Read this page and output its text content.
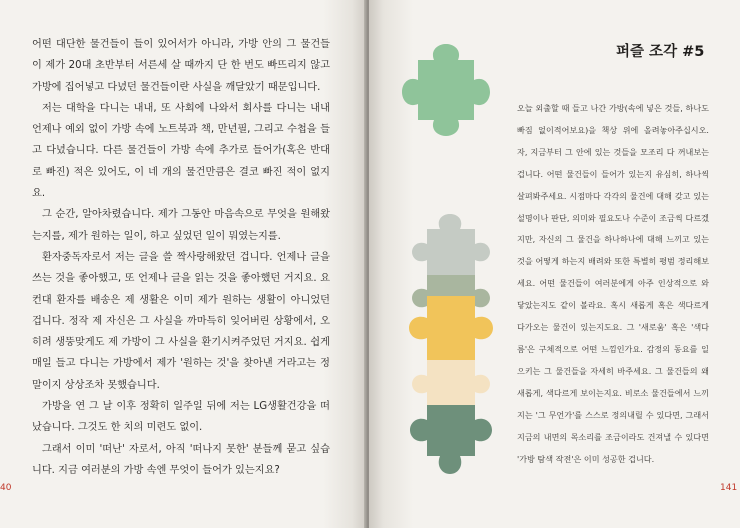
어떤 대단한 물건들이 들이 있어서가 아니라, 가방 안의 그 물건들이 제가 20대 초반부터 서른세 살 때까지 단 한 번도 빠뜨리지 않고 가방에 집어넣고 다녔던 물건들이란 사실을 깨달았기 때문입니다.

저는 대학을 다니는 내내, 또 사회에 나와서 회사를 다니는 내내 언제나 예외 없이 가방 속에 노트북과 책, 만년필, 그리고 수첩을 들고 다녔습니다. 다른 물건들이 가방 속에 추가로 들어가(혹은 반대로 빠진) 적은 있어도, 이 네 개의 물건만큼은 결코 빠진 적이 없지요.

그 순간, 알아차렸습니다. 제가 그동안 마음속으로 무엇을 원해왔는지를, 제가 원하는 일이, 하고 싶었던 일이 뭐였는지를.

환자중독자로서 저는 글을 쓸 짝사랑해왔던 겁니다. 언제나 글을 쓰는 것을 좋아했고, 또 언제나 글을 읽는 것을 좋아했던 거지요. 요컨대 환자를 배송은 제 생활은 이미 제가 원하는 생활이 아니었던 겁니다. 정작 제 자신은 그 사실을 까마득히 잊어버린 상황에서, 오히려 생뚱맞게도 제 가방이 그 사실을 환기시켜주었던 거지요. 쉽게 매일 들고 다니는 가방에서 제가 '원하는 것'을 찾아낸 거라고는 정말이지 상상조차 못했습니다.

가방을 연 그 날 이후 정확히 일주일 뒤에 저는 LG생활건강을 떠났습니다. 그것도 한 치의 미련도 없이.

그래서 이미 '떠난' 자로서, 아직 '떠나지 못한' 분들께 묻고 싶습니다. 지금 여러분의 가방 속엔 무엇이 들어가 있는지요?

오늘 외출할 때 들고 나간 가방(속에 넣은 것들, 하나도 빠짐 없이적어보요)을 책상 위에 올려놓아주십시오. 자, 지금부터 그 안에 있는 것들을 모조리 다 꺼내보는 겁니다. 어떤 물건들이 들어가 있는지 유심히, 하나씩 살펴봐주세요. 시점마다 각각의 물건에 대해 갖고 있는 설명이나 판단, 의미와 필요도나 수준이 조금씩 다르겠지만, 자신의 그 물건을 하나하나에 대해 느끼고 있는 것을 어떻게 하는지 배려와 또한 특별히 평범 정리해보세요. 어떤 물건들이 여러분에게 아주 인상적으로 와 닿았는지도 같이 볼라요. 혹시 새롭게 혹은 색다르게 다가오는 물건이 있는지도요. 그 '새로움' 혹은 '색다름'은 구체적으로 어떤 느낌인가요. 감정의 동요를 일으키는 그 물건들을 자세히 바주세요. 그 물건들의 왜 새롭게, 색다르게 보이는지요. 비로소 물건들에서 느끼지는 '그 무언가'를 스스로 정의내릴 수 있다면, 그래서 지금의 내면의 목소리를 조금이라도 건져낼 수 있다면 '가방 탐색 작전'은 이미 성공한 겁니다.

40	141
퍼즐 조각 #5
